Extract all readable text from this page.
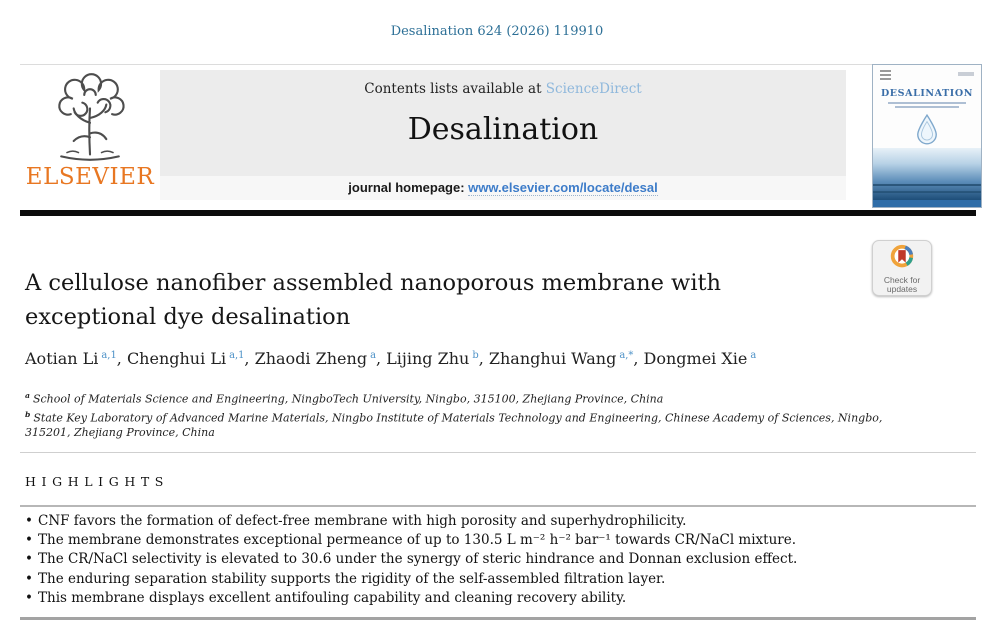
Desalination 624 (2026) 119910
ELSEVIER
Contents lists available at ScienceDirect
Desalination
journal homepage: www.elsevier.com/locate/desal
DESALINATION
Check for
updates
A cellulose nanofiber assembled nanoporous membrane with exceptional dye desalination
Aotian Li $^{a,1}$, Chenghui Li $^{a,1}$, Zhaodi Zheng $^a$, Lijing Zhu $^b$, Zhanghui Wang $^{a,*}$, Dongmei Xie $^a$

$^a$ School of Materials Science and Engineering, NingboTech University, Ningbo, 315100, Zhejiang Province, China

$^b$ State Key Laboratory of Advanced Marine Materials, Ningbo Institute of Materials Technology and Engineering, Chinese Academy of Sciences, Ningbo, 315201, Zhejiang Province, China

HIGHLIGHTS
• CNF favors the formation of defect-free membrane with high porosity and superhydrophilicity.
• The membrane demonstrates exceptional permeance of up to 130.5 L m⁻² h⁻² bar⁻¹ towards CR/NaCl mixture.
• The CR/NaCl selectivity is elevated to 30.6 under the synergy of steric hindrance and Donnan exclusion effect.
• The enduring separation stability supports the rigidity of the self-assembled filtration layer.
• This membrane displays excellent antifouling capability and cleaning recovery ability.
